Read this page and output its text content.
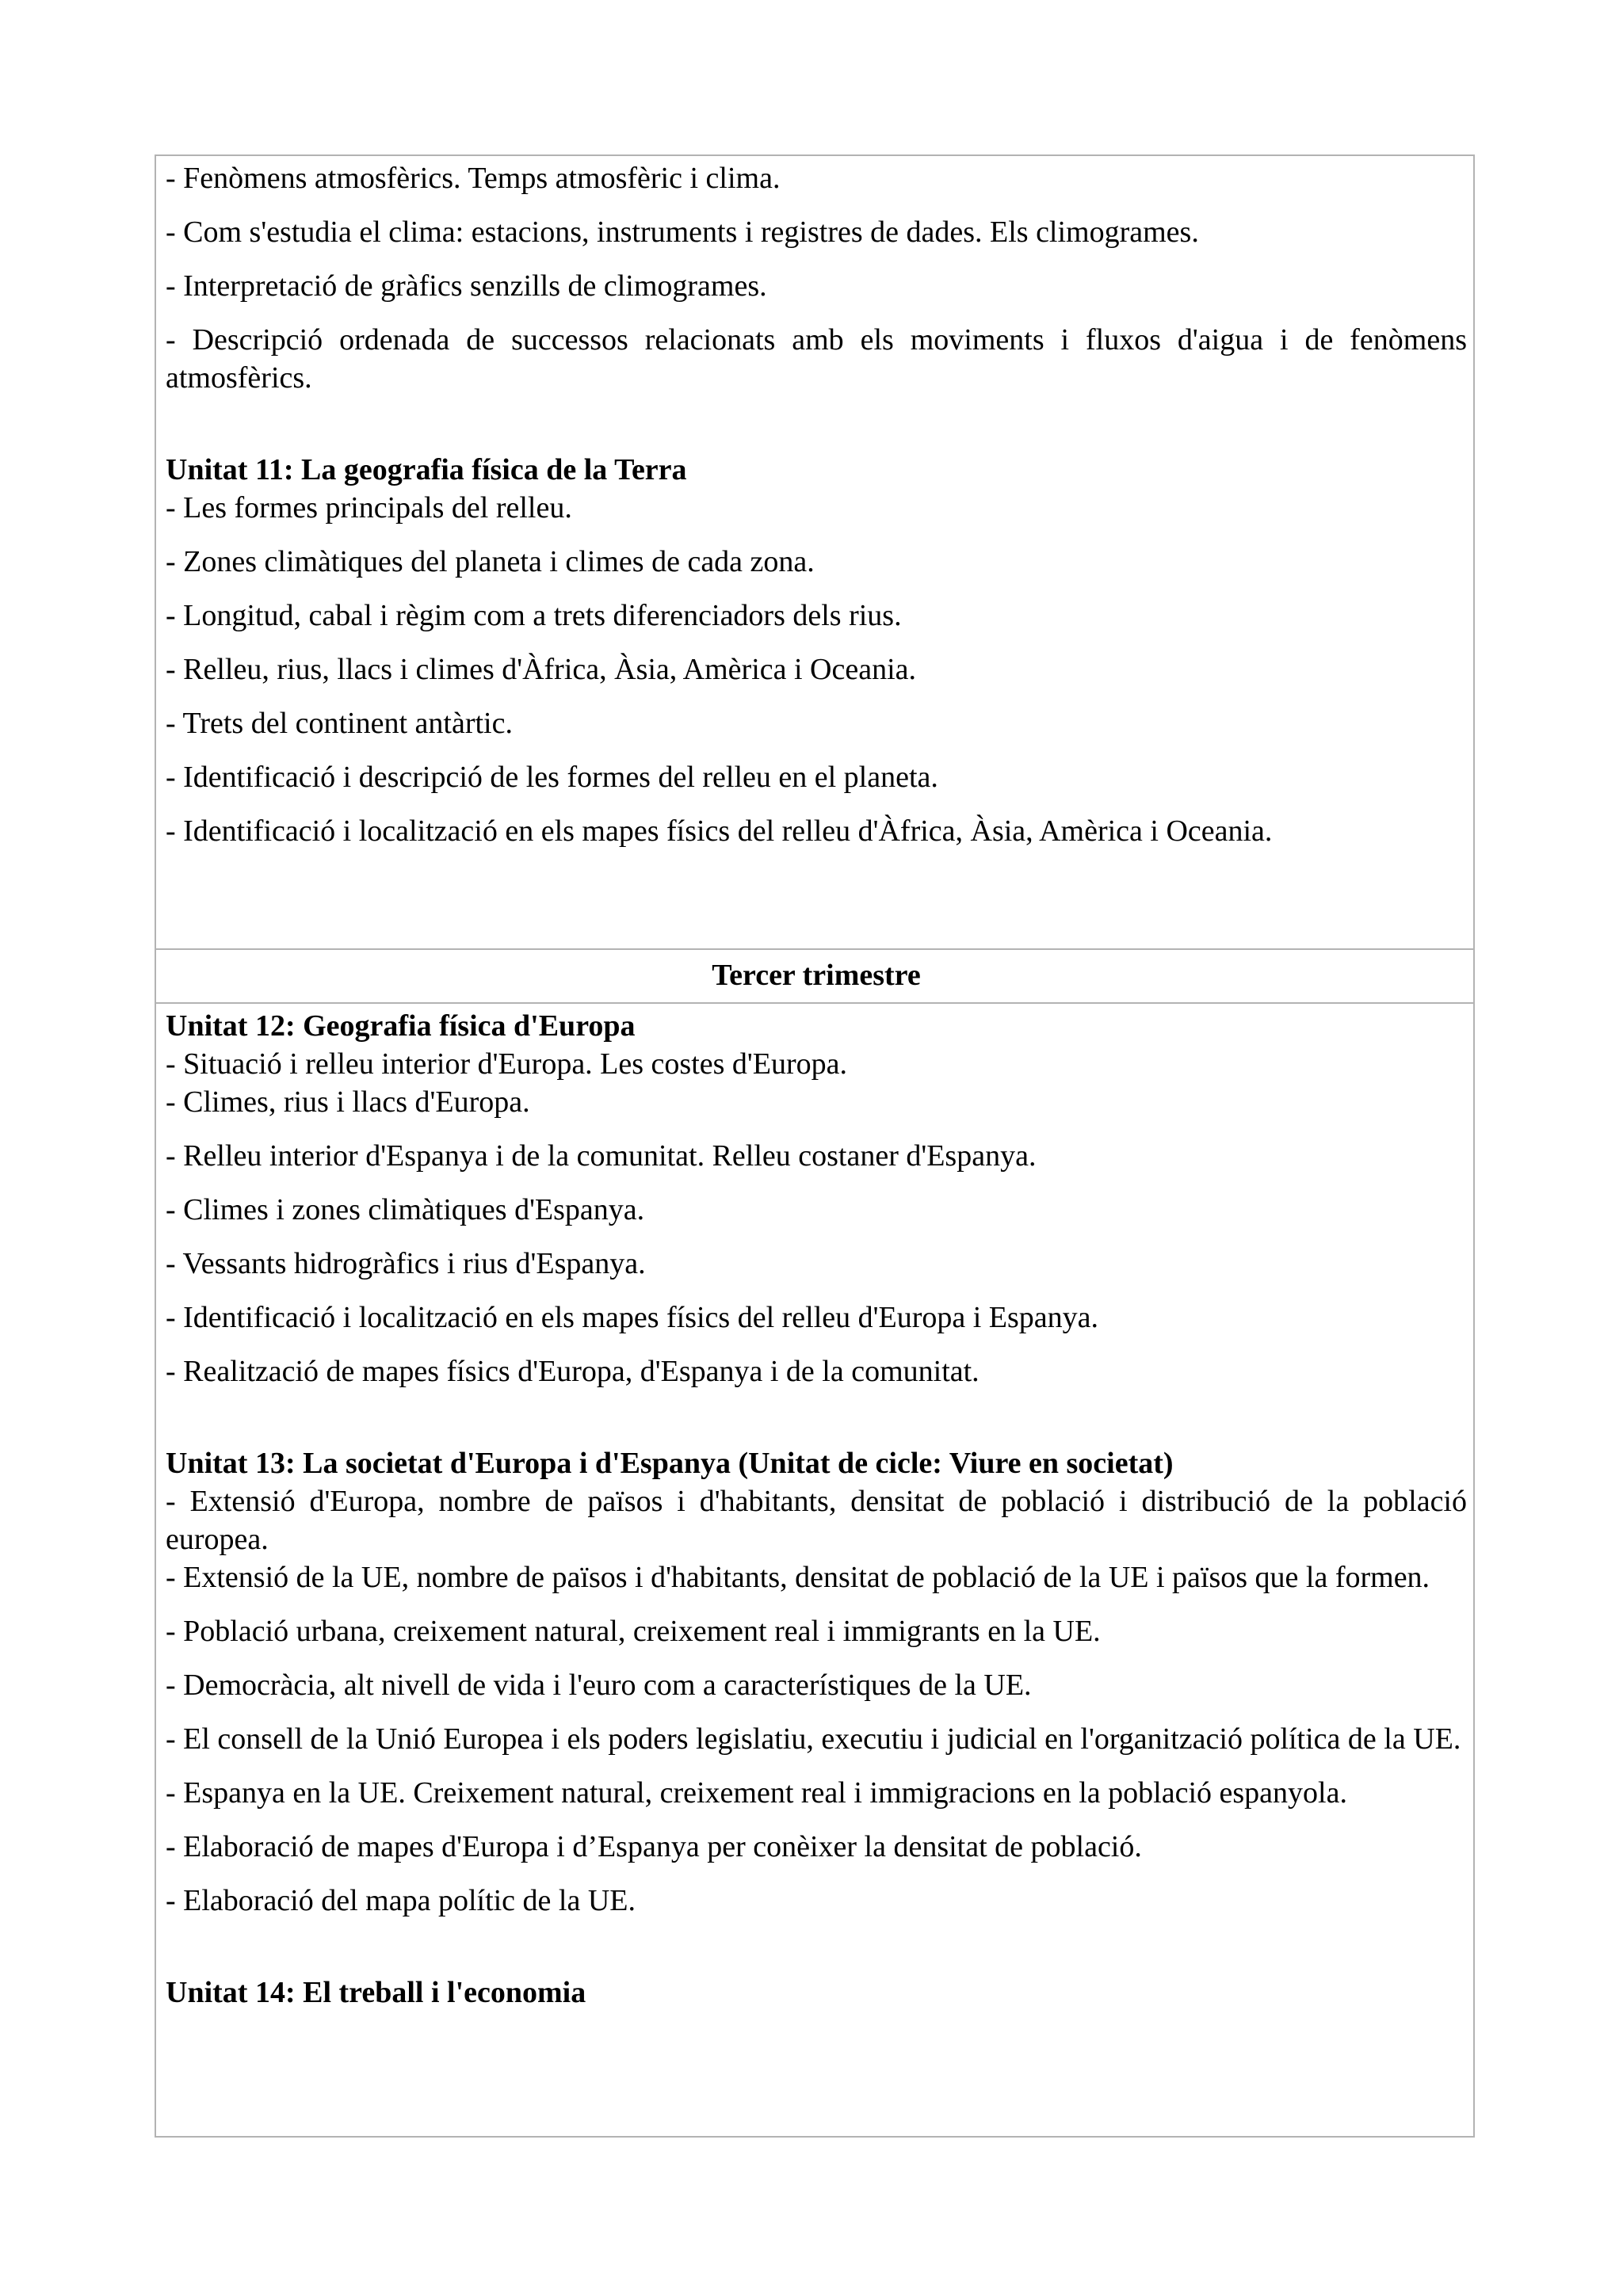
- Fenòmens atmosfèrics. Temps atmosfèric i clima.

- Com s'estudia el clima: estacions, instruments i registres de dades. Els climogrames.

- Interpretació de gràfics senzills de climogrames.

- Descripció ordenada de successos relacionats amb els moviments i fluxos d'aigua i de fenòmens atmosfèrics.

Unitat 11: La geografia física de la Terra

- Les formes principals del relleu.

- Zones climàtiques del planeta i climes de cada zona.

- Longitud, cabal i règim com a trets diferenciadors dels rius.

- Relleu, rius, llacs i climes d'Àfrica, Àsia, Amèrica i Oceania.

- Trets del continent antàrtic.

- Identificació i descripció de les formes del relleu en el planeta.

- Identificació i localització en els mapes físics del relleu d'Àfrica, Àsia, Amèrica i Oceania.

Tercer trimestre

Unitat 12: Geografia física d'Europa

- Situació i relleu interior d'Europa. Les costes d'Europa.

- Climes, rius i llacs d'Europa.

- Relleu interior d'Espanya i de la comunitat. Relleu costaner d'Espanya.

- Climes i zones climàtiques d'Espanya.

- Vessants hidrogràfics i rius d'Espanya.

- Identificació i localització en els mapes físics del relleu d'Europa i Espanya.

- Realització de mapes físics d'Europa, d'Espanya i de la comunitat.

Unitat 13: La societat d'Europa i d'Espanya (Unitat de cicle: Viure en societat)

- Extensió d'Europa, nombre de països i d'habitants, densitat de població i distribució de la població europea.

- Extensió de la UE, nombre de països i d'habitants, densitat de població de la UE i països que la formen.

- Població urbana, creixement natural, creixement real i immigrants en la UE.

- Democràcia, alt nivell de vida i l'euro com a característiques de la UE.

- El consell de la Unió Europea i els poders legislatiu, executiu i judicial en l'organització política de la UE.

- Espanya en la UE. Creixement natural, creixement real i immigracions en la població espanyola.

- Elaboració de mapes d'Europa i d’Espanya per conèixer la densitat de població.

- Elaboració del mapa polític de la UE.

Unitat 14: El treball i l'economia
